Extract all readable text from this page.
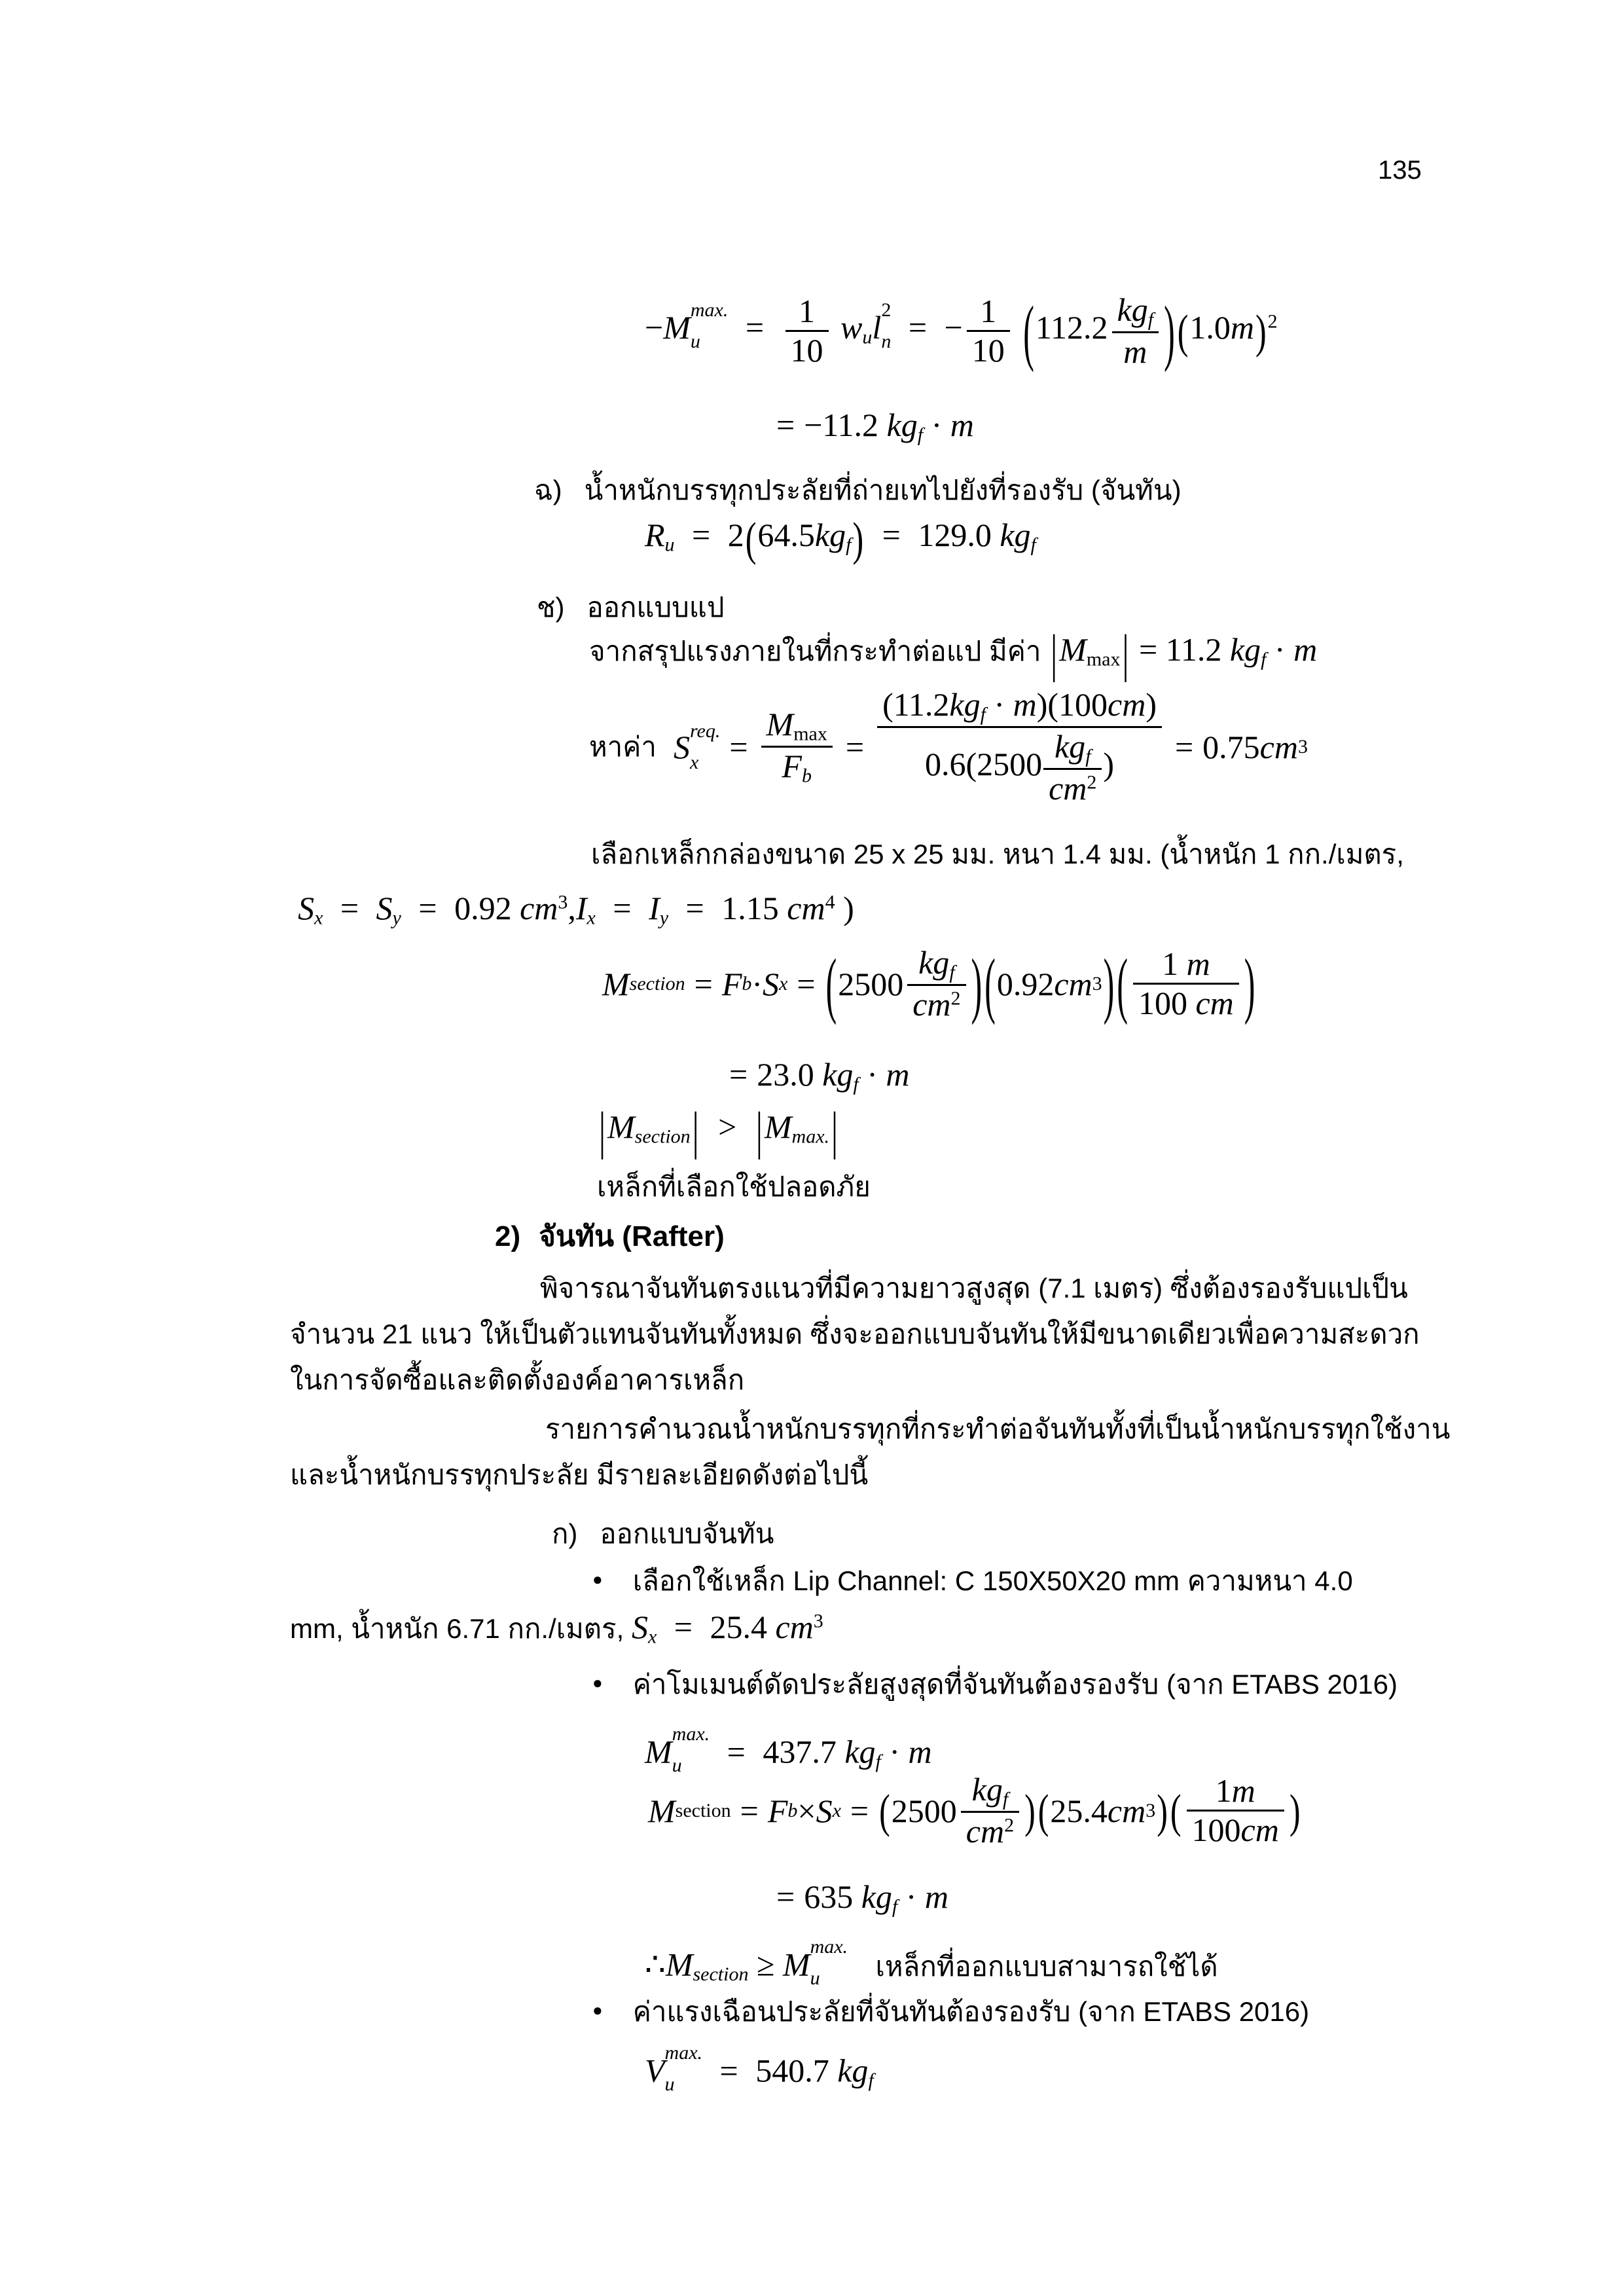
135
−M max.
u	= $\frac{1}{10}$ wul 2
n = − $\frac{1}{10} (112.2$ kgf
m )$(1.0m)^2$
= −11.2 kgf · m
ฉ) น้ำหนักบรรทุกประลัยที่ถ่ายเทไปยังที่รองรับ (จันทัน)
Ru = 2(64.5kgf) = 129.0 kgf
ช) ออกแบบแป
จากสรุปแรงภายในที่กระทำต่อแป มีค่า |Mmax| = 11.2 kgf · m
หาค่า S req.
x =
Mmax
Fb
=
(11.2kgf · m)(100cm)
0.6(2500 kgf
$cm^2$ )	= 0.75 cm 3
เลือกเหล็กกล่องขนาด 25 x 25 มม. หนา 1.4 มม. (น้ำหนัก 1 กก./เมตร,
Sx = Sy = 0.92 $cm^3,Ix = Iy = 1.15$ $cm^4$ )
M section = F b · S x = ( 2500
kgf
$cm^2$ ) ( 0.92 cm 3 ) (	1 m
100 cm )
= 23.0 kgf · m
|Msection| > |Mmax.|
เหล็กที่เลือกใช้ปลอดภัย
2) จันทัน (Rafter)
พิจารณาจันทันตรงแนวที่มีความยาวสูงสุด (7.1 เมตร) ซึ่งต้องรองรับแปเป็น
จำนวน 21 แนว ให้เป็นตัวแทนจันทันทั้งหมด ซึ่งจะออกแบบจันทันให้มีขนาดเดียวเพื่อความสะดวก
ในการจัดซื้อและติดตั้งองค์อาคารเหล็ก
รายการคำนวณน้ำหนักบรรทุกที่กระทำต่อจันทันทั้งที่เป็นน้ำหนักบรรทุกใช้งาน
และน้ำหนักบรรทุกประลัย มีรายละเอียดดังต่อไปนี้
ก) ออกแบบจันทัน
● เลือกใช้เหล็ก Lip Channel: C 150X50X20 mm ความหนา 4.0
mm, น้ำหนัก 6.71 กก./เมตร, Sx = 25.4 $cm^3$
● ค่าโมเมนต์ดัดประลัยสูงสุดที่จันทันต้องรองรับ (จาก ETABS 2016)
M max.
u	= 437.7 kgf · m
M section = F b × S x = ( 2500
kgf
$cm^2$ ) ( 25.4 cm 3 ) (	1m
100cm )
= 635 kgf · m
∴Msection ≥ M max.
u	เหล็กที่ออกแบบสามารถใช้ได้
● ค่าแรงเฉือนประลัยที่จันทันต้องรองรับ (จาก ETABS 2016)
V max.
u	= 540.7 kgf
